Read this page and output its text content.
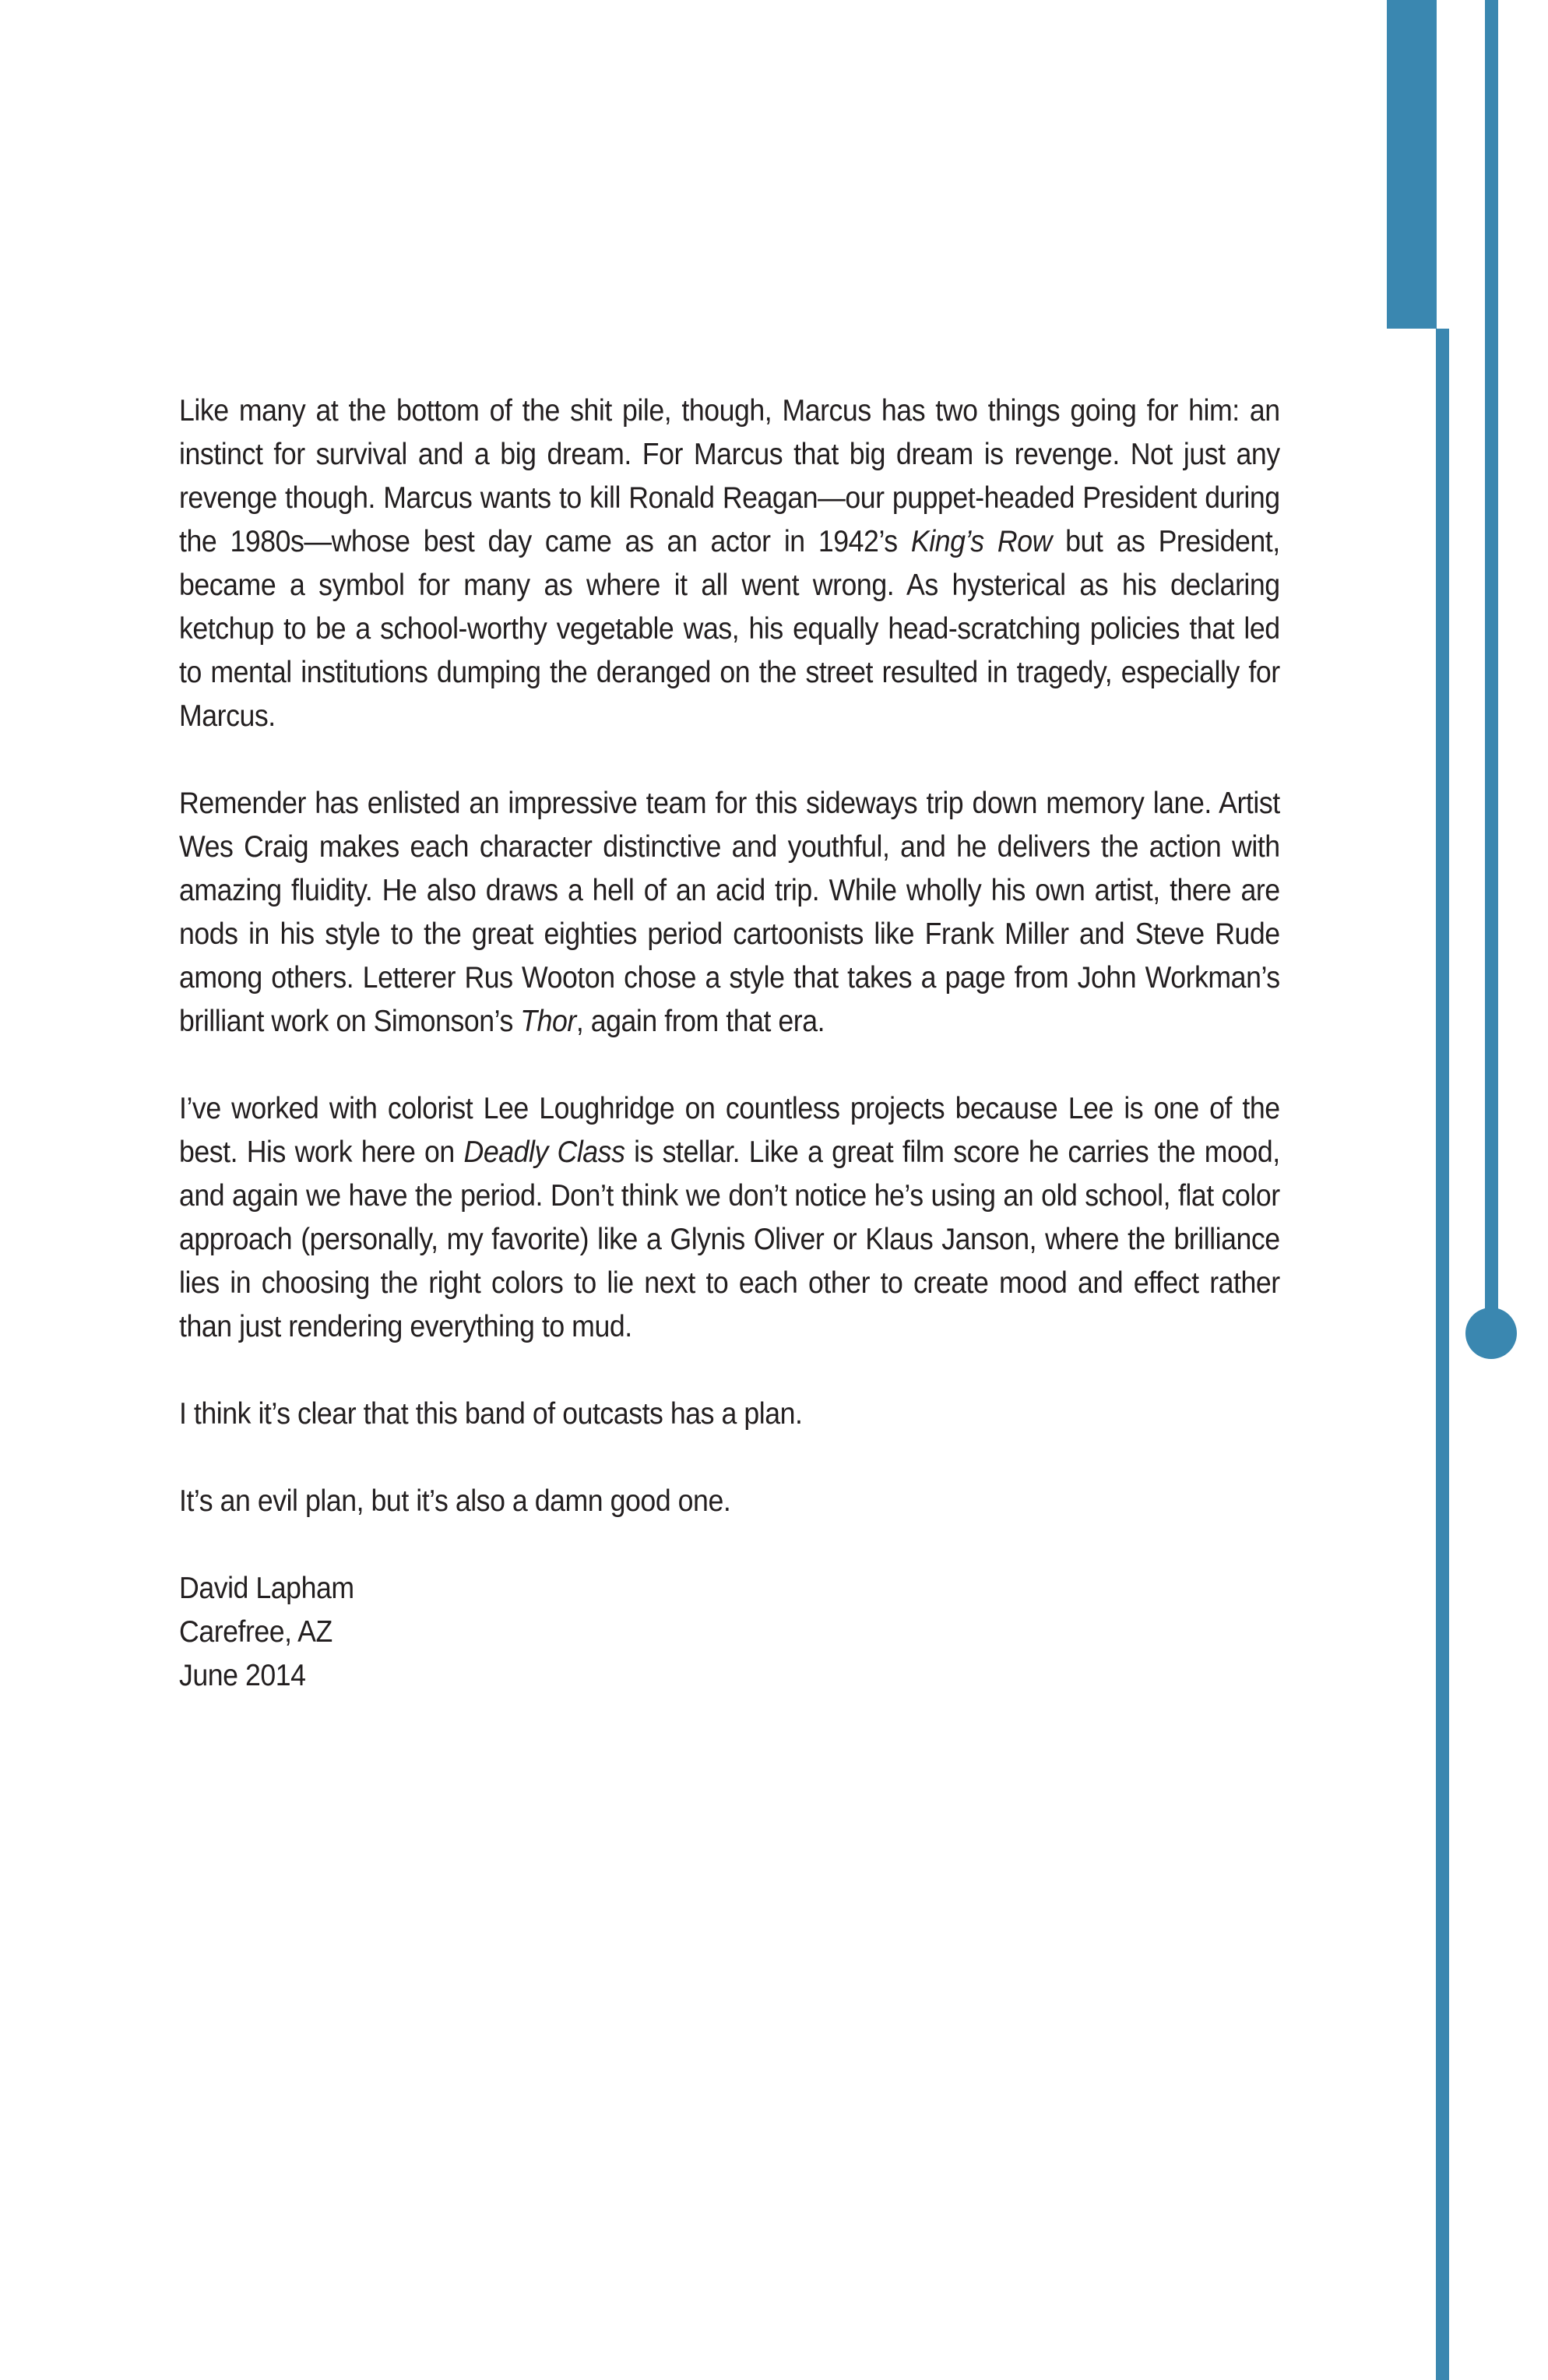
Like many at the bottom of the shit pile, though, Marcus has two things going for him: an instinct for survival and a big dream. For Marcus that big dream is revenge. Not just any revenge though. Marcus wants to kill Ronald Reagan—our puppet-headed President during the 1980s—whose best day came as an actor in 1942’s King’s Row but as President, became a symbol for many as where it all went wrong. As hysterical as his declaring ketchup to be a school-worthy vegetable was, his equally head-scratching policies that led to mental institutions dumping the deranged on the street resulted in tragedy, especially for Marcus.

Remender has enlisted an impressive team for this sideways trip down memory lane. Artist Wes Craig makes each character distinctive and youthful, and he delivers the action with amazing fluidity. He also draws a hell of an acid trip. While wholly his own artist, there are nods in his style to the great eighties period cartoonists like Frank Miller and Steve Rude among others. Letterer Rus Wooton chose a style that takes a page from John Workman’s brilliant work on Simonson’s Thor, again from that era.

I’ve worked with colorist Lee Loughridge on countless projects because Lee is one of the best. His work here on Deadly Class is stellar. Like a great film score he carries the mood, and again we have the period. Don’t think we don’t notice he’s using an old school, flat color approach (personally, my favorite) like a Glynis Oliver or Klaus Janson, where the brilliance lies in choosing the right colors to lie next to each other to create mood and effect rather than just rendering everything to mud.

I think it’s clear that this band of outcasts has a plan.

It’s an evil plan, but it’s also a damn good one.

David Lapham

Carefree, AZ

June 2014
